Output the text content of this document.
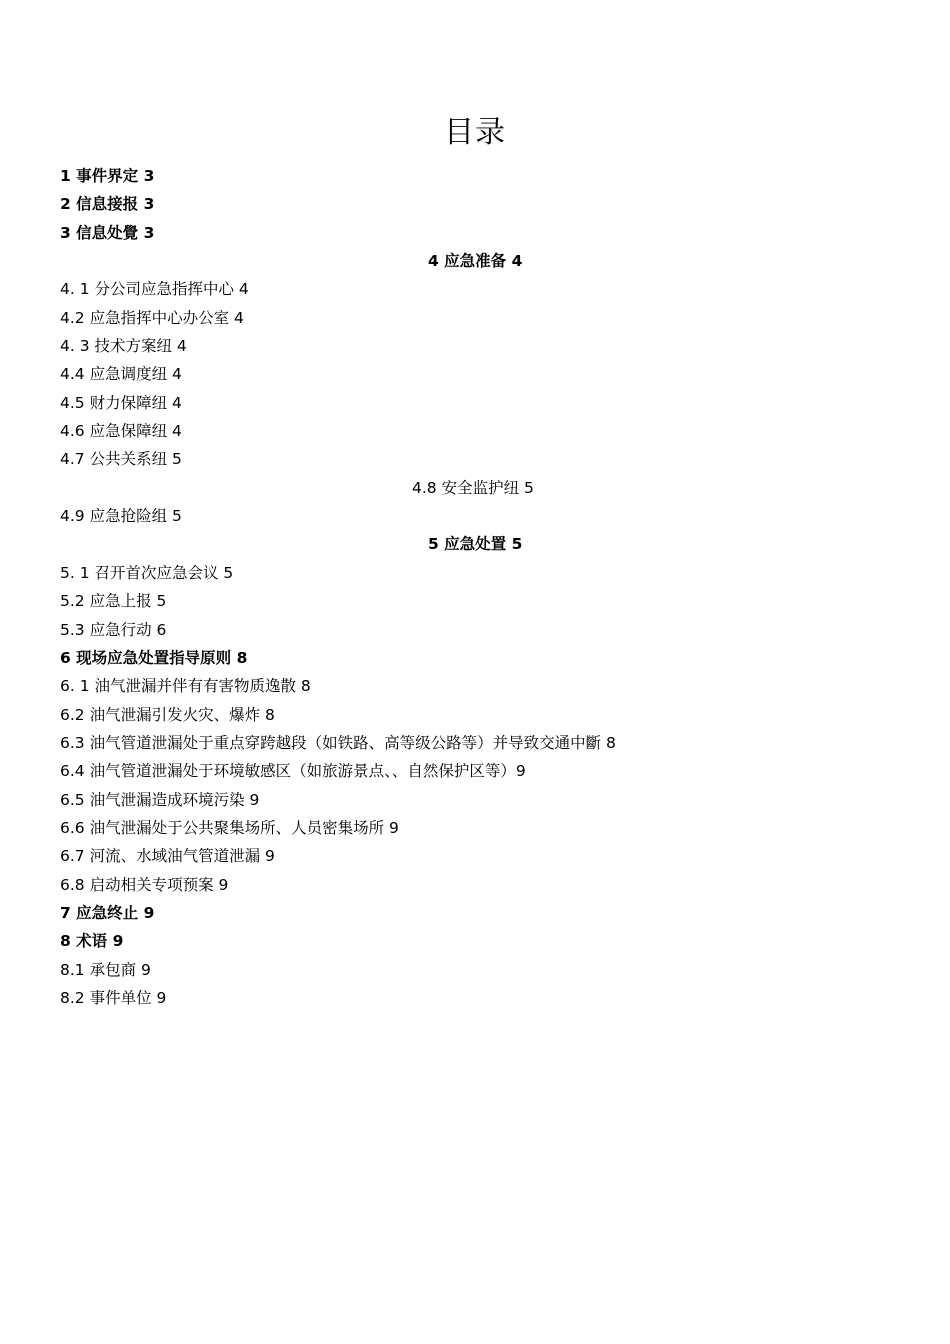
目录
1 事件界定 3
2 信息接报 3
3 信息处覺 3
4 应急准备 4
4. 1 分公司应急指挥中心 4
4.2 应急指挥中心办公室 4
4. 3 技术方案纽 4
4.4 应急调度纽 4
4.5 财力保障纽 4
4.6 应急保障纽 4
4.7 公共关系纽 5
4.8 安全监护纽 5
4.9 应急抢险组 5
5 应急处置 5
5. 1 召开首次应急会议 5
5.2 应急上报 5
5.3 应急行动 6
6 现场应急处置指导原则 8
6. 1 油气泄漏并伴有有害物质逸散 8
6.2 油气泄漏引发火灾、爆炸 8
6.3 油气管道泄漏处于重点穿跨越段（如铁路、高等级公路等）并导致交通中斷 8
6.4 油气管道泄漏处于环境敏感区（如旅游景点、、自然保护区等）9
6.5 油气泄漏造成环境污染 9
6.6 油气泄漏处于公共聚集场所、人员密集场所 9
6.7 河流、水域油气管道泄漏 9
6.8 启动相关专项预案 9
7 应急终止 9
8 术语 9
8.1 承包商 9
8.2 事件单位 9
